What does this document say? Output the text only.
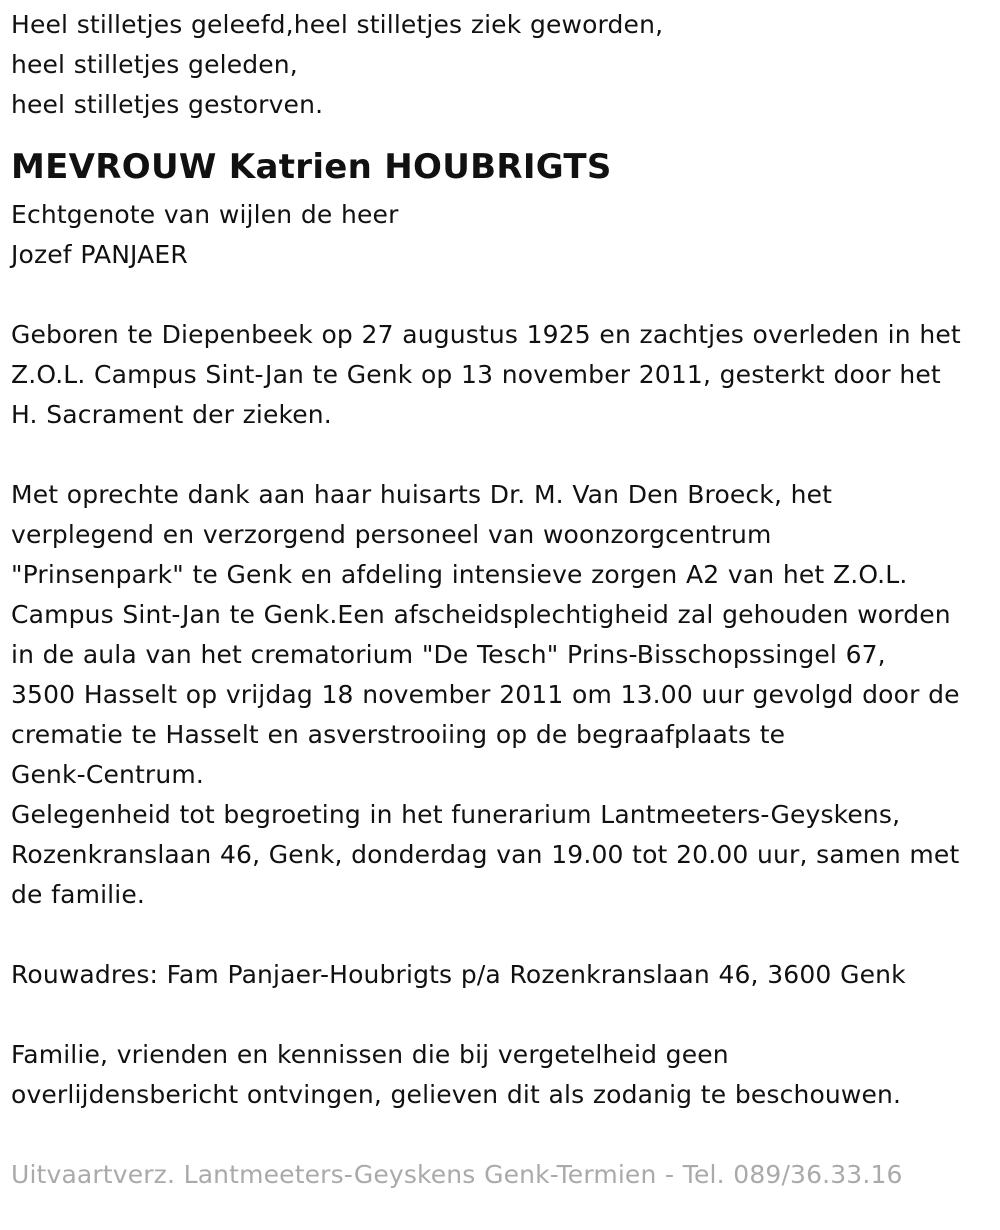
Heel stilletjes geleefd,heel stilletjes ziek geworden,
heel stilletjes geleden,
heel stilletjes gestorven.
MEVROUW Katrien HOUBRIGTS
Echtgenote van wijlen de heer
Jozef PANJAER
Geboren te Diepenbeek op 27 augustus 1925 en zachtjes overleden in het
Z.O.L. Campus Sint-Jan te Genk op 13 november 2011, gesterkt door het
H. Sacrament der zieken.
Met oprechte dank aan haar huisarts Dr. M. Van Den Broeck, het
verplegend en verzorgend personeel van woonzorgcentrum
"Prinsenpark" te Genk en afdeling intensieve zorgen A2 van het Z.O.L.
Campus Sint-Jan te Genk.Een afscheidsplechtigheid zal gehouden worden
in de aula van het crematorium "De Tesch" Prins-Bisschopssingel 67,
3500 Hasselt op vrijdag 18 november 2011 om 13.00 uur gevolgd door de
crematie te Hasselt en asverstrooiing op de begraafplaats te
Genk-Centrum.
Gelegenheid tot begroeting in het funerarium Lantmeeters-Geyskens,
Rozenkranslaan 46, Genk, donderdag van 19.00 tot 20.00 uur, samen met
de familie.
Rouwadres: Fam Panjaer-Houbrigts p/a Rozenkranslaan 46, 3600 Genk
Familie, vrienden en kennissen die bij vergetelheid geen
overlijdensbericht ontvingen, gelieven dit als zodanig te beschouwen.
Uitvaartverz. Lantmeeters-Geyskens Genk-Termien - Tel. 089/36.33.16
